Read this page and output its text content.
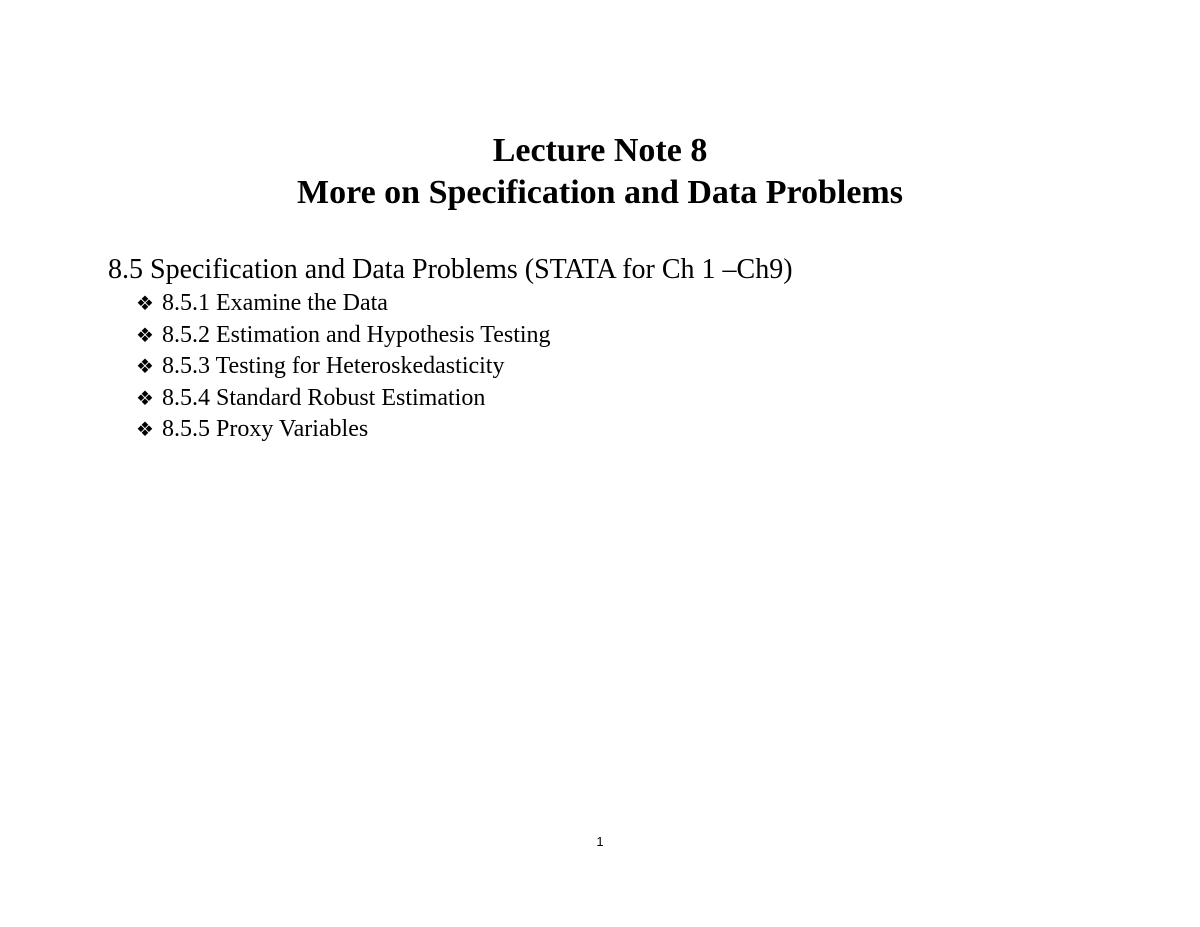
Lecture Note 8
More on Specification and Data Problems
8.5 Specification and Data Problems (STATA for Ch 1 –Ch9)
❖ 8.5.1 Examine the Data
❖ 8.5.2 Estimation and Hypothesis Testing
❖ 8.5.3 Testing for Heteroskedasticity
❖ 8.5.4 Standard Robust Estimation
❖ 8.5.5 Proxy Variables
1
